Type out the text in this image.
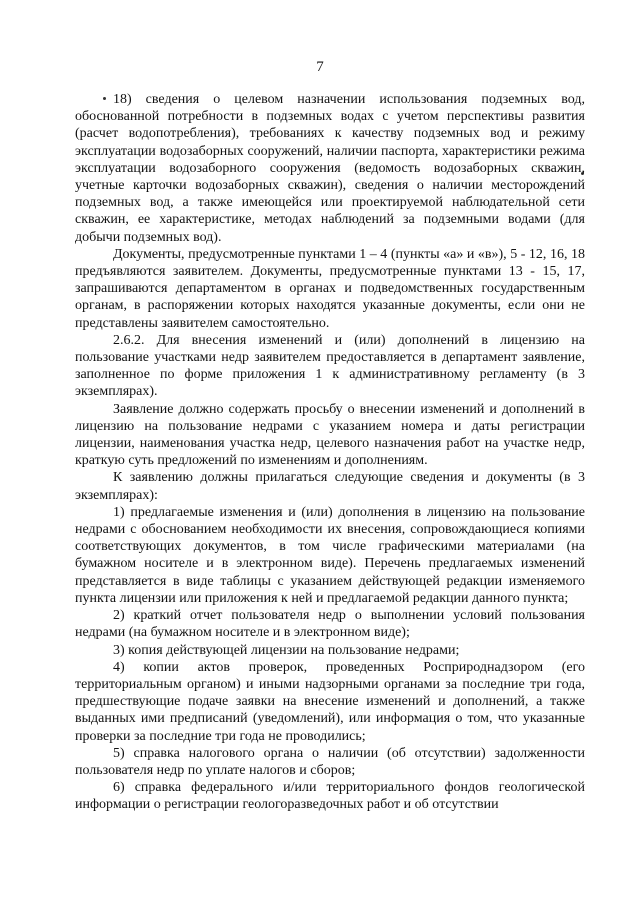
7

18) сведения о целевом назначении использования подземных вод, обоснованной потребности в подземных водах с учетом перспективы развития (расчет водопотребления), требованиях к качеству подземных вод и режиму эксплуатации водозаборных сооружений, наличии паспорта, характеристики режима эксплуатации водозаборного сооружения (ведомость водозаборных скважин, учетные карточки водозаборных скважин), сведения о наличии месторождений подземных вод, а также имеющейся или проектируемой наблюдательной сети скважин, ее характеристике, методах наблюдений за подземными водами (для добычи подземных вод).

Документы, предусмотренные пунктами 1 – 4 (пункты «а» и «в»), 5 - 12, 16, 18 предъявляются заявителем. Документы, предусмотренные пунктами 13 - 15, 17, запрашиваются департаментом в органах и подведомственных государственным органам, в распоряжении которых находятся указанные документы, если они не представлены заявителем самостоятельно.

2.6.2. Для внесения изменений и (или) дополнений в лицензию на пользование участками недр заявителем предоставляется в департамент заявление, заполненное по форме приложения 1 к административному регламенту (в 3 экземплярах).

Заявление должно содержать просьбу о внесении изменений и дополнений в лицензию на пользование недрами с указанием номера и даты регистрации лицензии, наименования участка недр, целевого назначения работ на участке недр, краткую суть предложений по изменениям и дополнениям.

К заявлению должны прилагаться следующие сведения и документы (в 3 экземплярах):

1) предлагаемые изменения и (или) дополнения в лицензию на пользование недрами с обоснованием необходимости их внесения, сопровождающиеся копиями соответствующих документов, в том числе графическими материалами (на бумажном носителе и в электронном виде). Перечень предлагаемых изменений представляется в виде таблицы с указанием действующей редакции изменяемого пункта лицензии или приложения к ней и предлагаемой редакции данного пункта;

2) краткий отчет пользователя недр о выполнении условий пользования недрами (на бумажном носителе и в электронном виде);

3) копия действующей лицензии на пользование недрами;

4) копии актов проверок, проведенных Росприроднадзором (его территориальным органом) и иными надзорными органами за последние три года, предшествующие подаче заявки на внесение изменений и дополнений, а также выданных ими предписаний (уведомлений), или информация о том, что указанные проверки за последние три года не проводились;

5) справка налогового органа о наличии (об отсутствии) задолженности пользователя недр по уплате налогов и сборов;

6) справка федерального и/или территориального фондов геологической информации о регистрации геологоразведочных работ и об отсутствии
